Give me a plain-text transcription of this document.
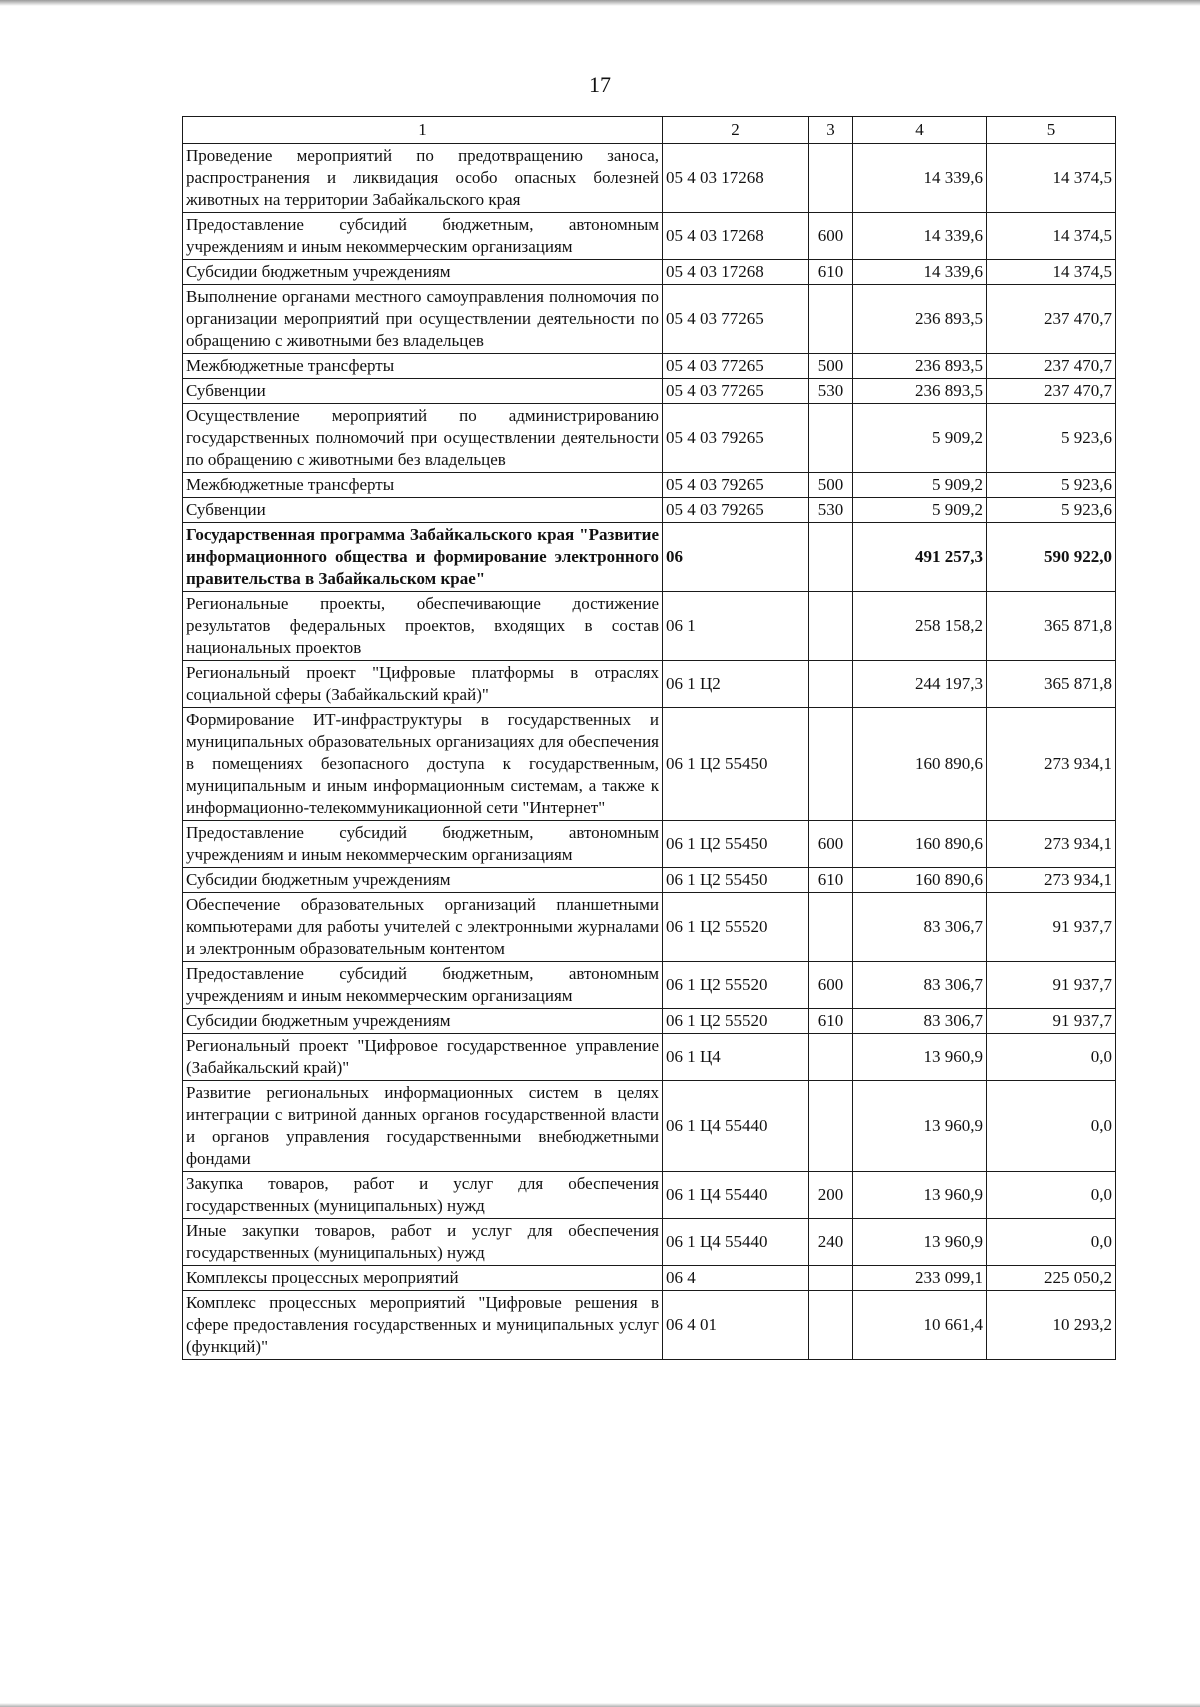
17
1	2	3	4	5
Проведение мероприятий по предотвращению заноса, распространения и ликвидация особо опасных болезней животных на территории Забайкальского края	05 4 03 17268		14 339,6	14 374,5
Предоставление субсидий бюджетным, автономным учреждениям и иным некоммерческим организациям	05 4 03 17268	600	14 339,6	14 374,5
Субсидии бюджетным учреждениям	05 4 03 17268	610	14 339,6	14 374,5
Выполнение органами местного самоуправления полномочия по организации мероприятий при осуществлении деятельности по обращению с животными без владельцев	05 4 03 77265		236 893,5	237 470,7
Межбюджетные трансферты	05 4 03 77265	500	236 893,5	237 470,7
Субвенции	05 4 03 77265	530	236 893,5	237 470,7
Осуществление мероприятий по администрированию государственных полномочий при осуществлении деятельности по обращению с животными без владельцев	05 4 03 79265		5 909,2	5 923,6
Межбюджетные трансферты	05 4 03 79265	500	5 909,2	5 923,6
Субвенции	05 4 03 79265	530	5 909,2	5 923,6
Государственная программа Забайкальского края "Развитие информационного общества и формирование электронного правительства в Забайкальском крае"	06		491 257,3	590 922,0
Региональные проекты, обеспечивающие достижение результатов федеральных проектов, входящих в состав национальных проектов	06 1		258 158,2	365 871,8
Региональный проект "Цифровые платформы в отраслях социальной сферы (Забайкальский край)"	06 1 Ц2		244 197,3	365 871,8
Формирование ИТ-инфраструктуры в государственных и муниципальных образовательных организациях для обеспечения в помещениях безопасного доступа к государственным, муниципальным и иным информационным системам, а также к информационно-телекоммуникационной сети "Интернет"	06 1 Ц2 55450		160 890,6	273 934,1
Предоставление субсидий бюджетным, автономным учреждениям и иным некоммерческим организациям	06 1 Ц2 55450	600	160 890,6	273 934,1
Субсидии бюджетным учреждениям	06 1 Ц2 55450	610	160 890,6	273 934,1
Обеспечение образовательных организаций планшетными компьютерами для работы учителей с электронными журналами и электронным образовательным контентом	06 1 Ц2 55520		83 306,7	91 937,7
Предоставление субсидий бюджетным, автономным учреждениям и иным некоммерческим организациям	06 1 Ц2 55520	600	83 306,7	91 937,7
Субсидии бюджетным учреждениям	06 1 Ц2 55520	610	83 306,7	91 937,7
Региональный проект "Цифровое государственное управление (Забайкальский край)"	06 1 Ц4		13 960,9	0,0
Развитие региональных информационных систем в целях интеграции с витриной данных органов государственной власти и органов управления государственными внебюджетными фондами	06 1 Ц4 55440		13 960,9	0,0
Закупка товаров, работ и услуг для обеспечения государственных (муниципальных) нужд	06 1 Ц4 55440	200	13 960,9	0,0
Иные закупки товаров, работ и услуг для обеспечения государственных (муниципальных) нужд	06 1 Ц4 55440	240	13 960,9	0,0
Комплексы процессных мероприятий	06 4		233 099,1	225 050,2
Комплекс процессных мероприятий "Цифровые решения в сфере предоставления государственных и муниципальных услуг (функций)"	06 4 01		10 661,4	10 293,2
